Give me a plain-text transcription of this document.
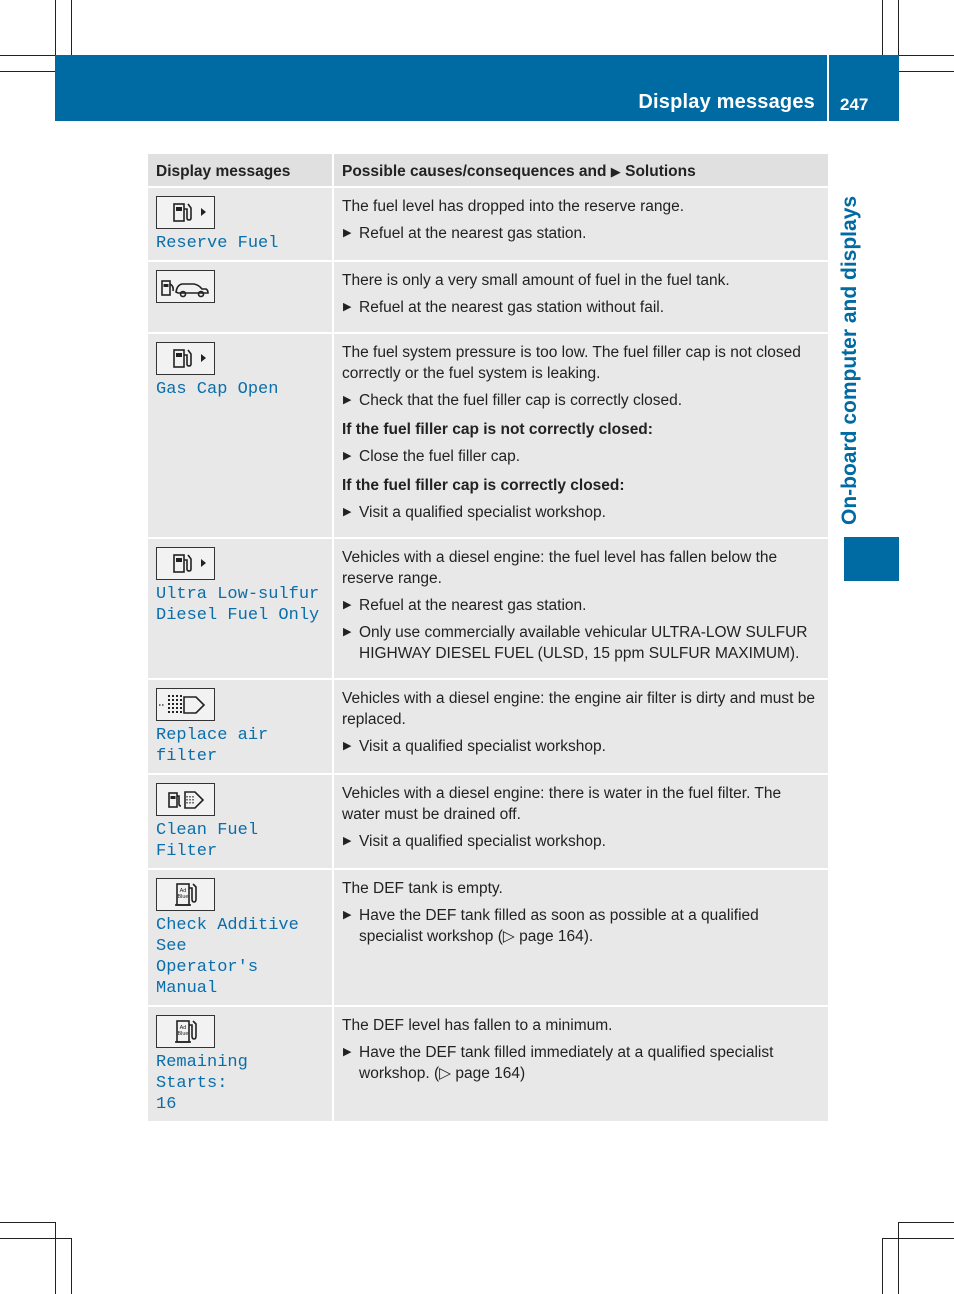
Display messages 247
On-board computer and displays
Display messages	Possible causes/consequences and ▶ Solutions
Reserve Fuel

The fuel level has dropped into the reserve range.

▶ Refuel at the nearest gas station.

There is only a very small amount of fuel in the fuel tank.

▶ Refuel at the nearest gas station without fail.
Gas Cap Open

The fuel system pressure is too low. The fuel filler cap is not closed correctly or the fuel system is leaking.

▶ Check that the fuel filler cap is correctly closed.

If the fuel filler cap is not correctly closed:

▶ Close the fuel filler cap.

If the fuel filler cap is correctly closed:

▶ Visit a qualified specialist workshop.
Ultra Low-sulfur
Diesel Fuel Only

Vehicles with a diesel engine: the fuel level has fallen below the reserve range.

▶ Refuel at the nearest gas station.
▶ Only use commercially available vehicular ULTRA-LOW SULFUR HIGHWAY DIESEL FUEL (ULSD, 15 ppm SULFUR MAXIMUM).
Replace air filter

Vehicles with a diesel engine: the engine air filter is dirty and must be replaced.

▶ Visit a qualified specialist workshop.
Clean Fuel Filter

Vehicles with a diesel engine: there is water in the fuel filter. The water must be drained off.

▶ Visit a qualified specialist workshop.
Ad
Blue
Check Additive See
Operator's Manual

The DEF tank is empty.

▶ Have the DEF tank filled as soon as possible at a qualified specialist workshop (▷ page 164).
Ad
Blue
Remaining Starts:
16

The DEF level has fallen to a minimum.

▶ Have the DEF tank filled immediately at a qualified specialist workshop. (▷ page 164)
